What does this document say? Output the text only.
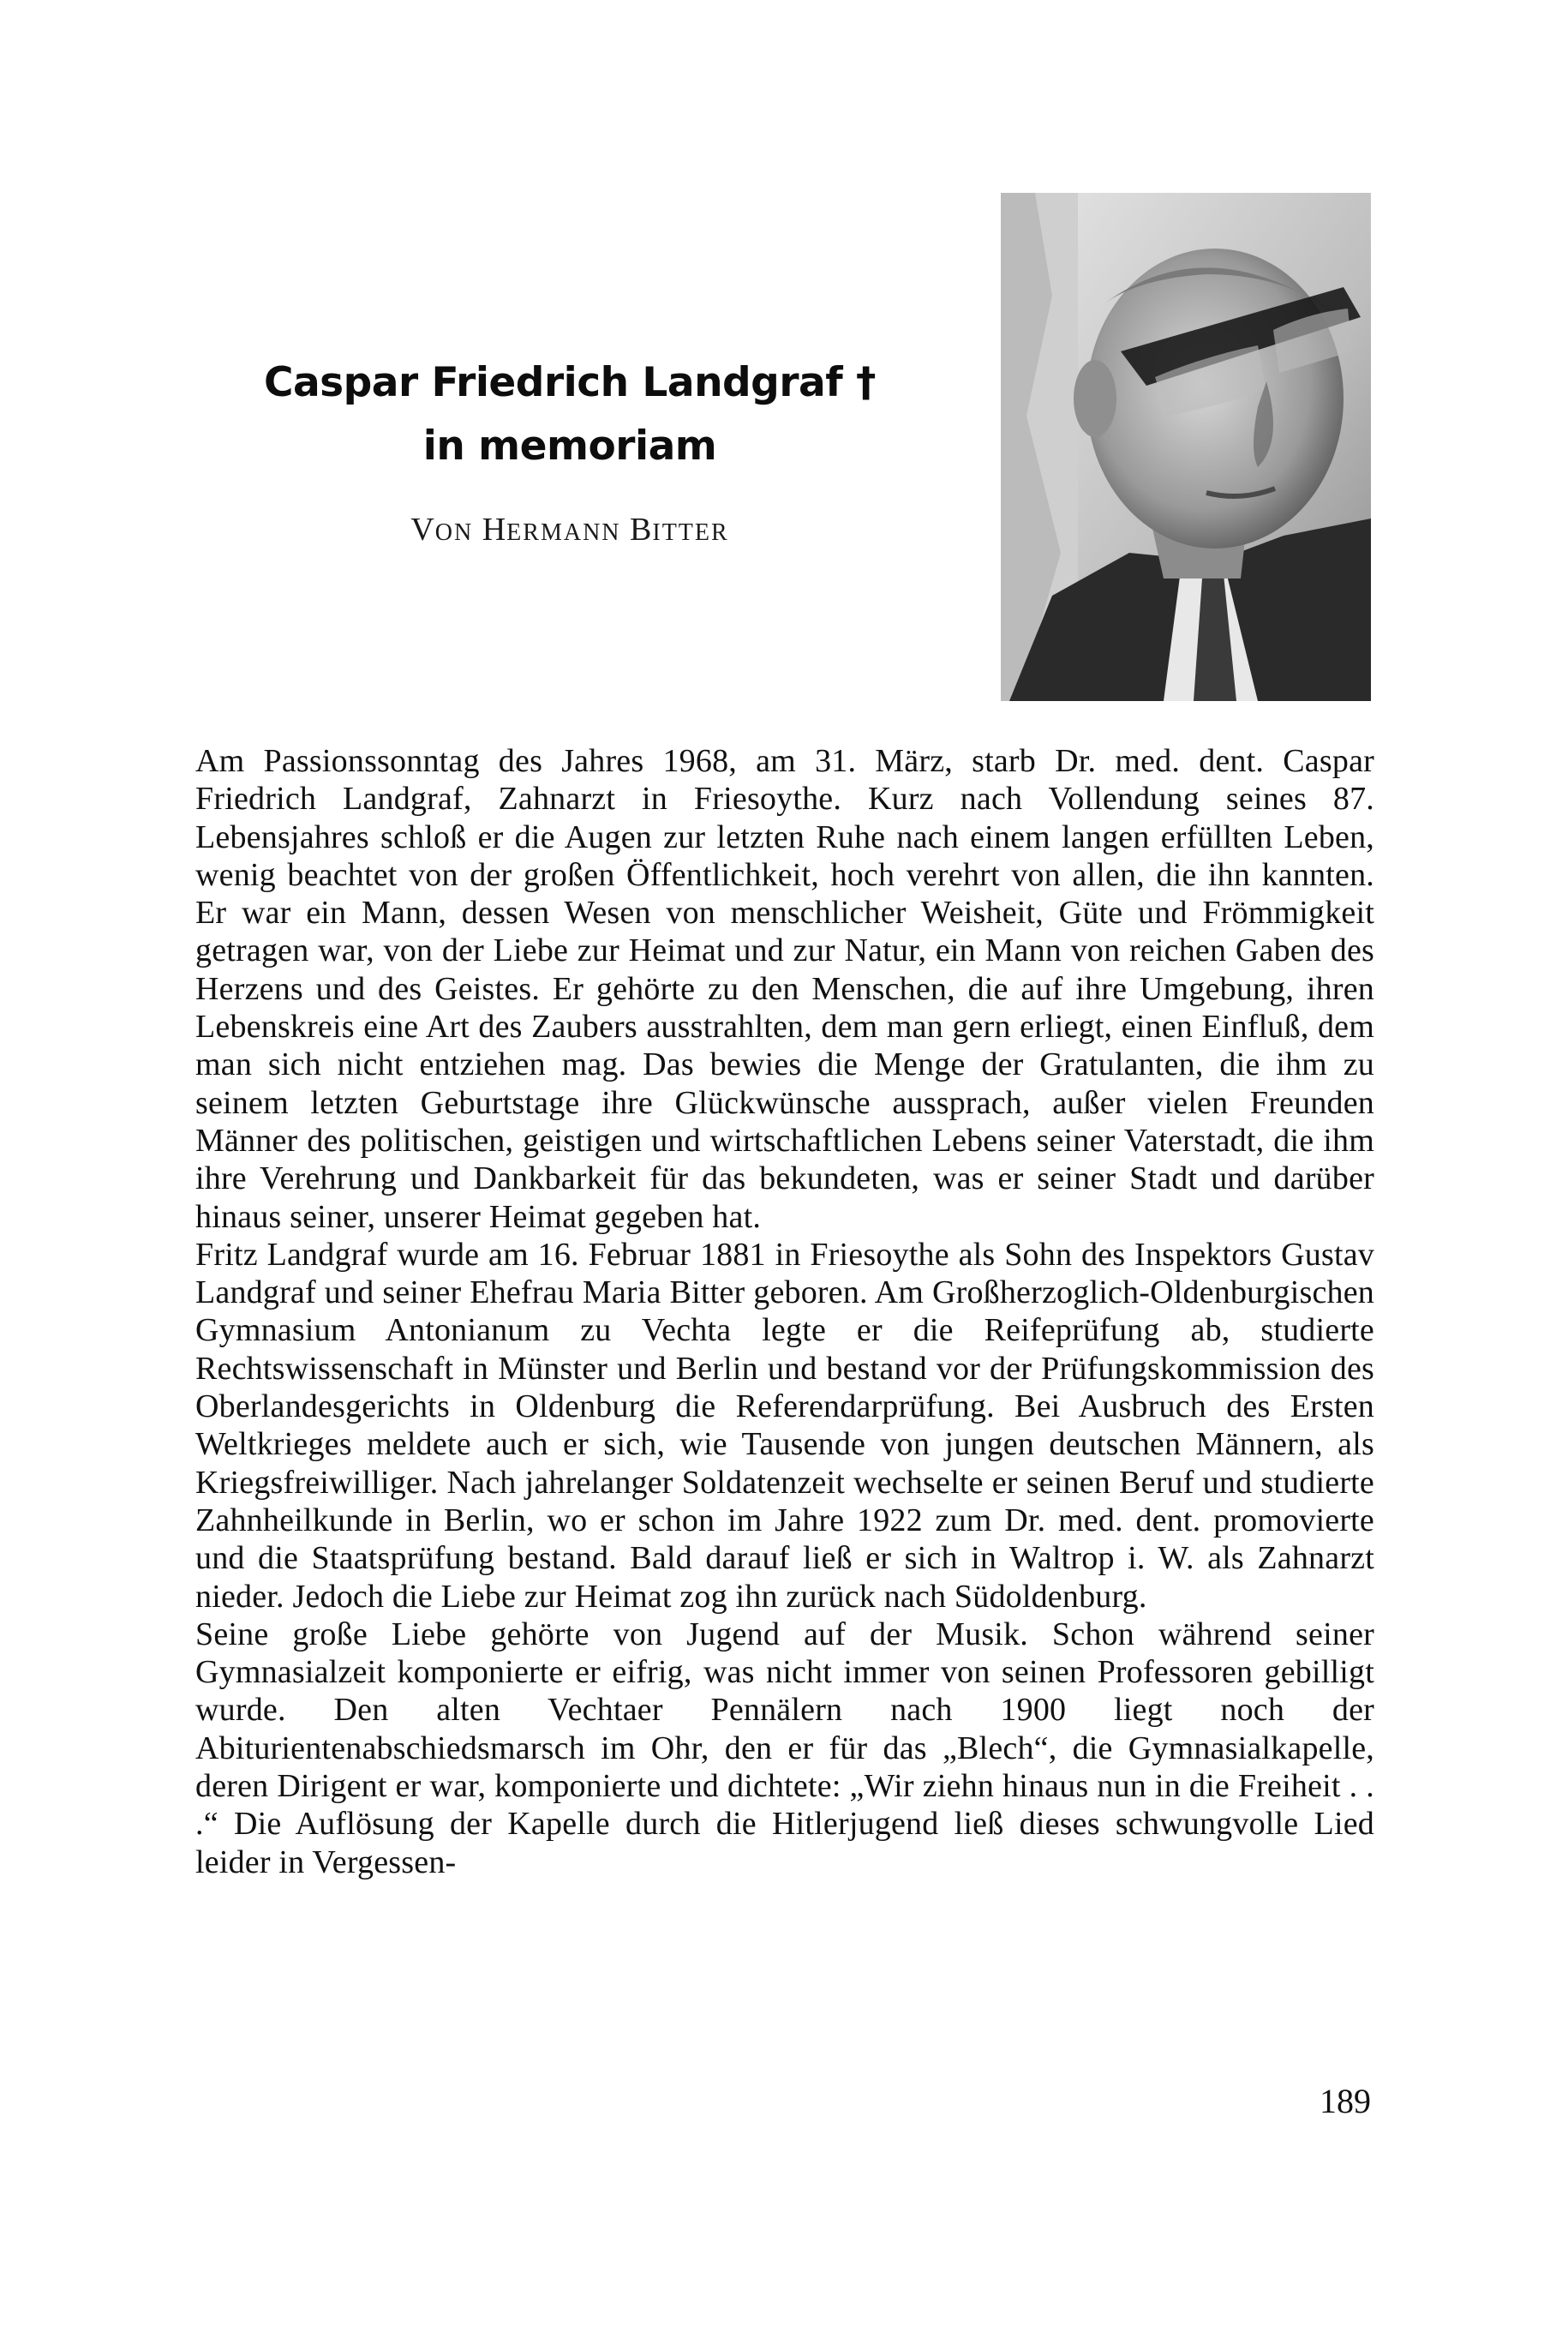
Caspar Friedrich Landgraf †
in memoriam
VON HERMANN BITTER

Am Passionssonntag des Jahres 1968, am 31. März, starb Dr. med. dent. Caspar Friedrich Landgraf, Zahnarzt in Friesoythe. Kurz nach Vollendung seines 87. Lebensjahres schloß er die Augen zur letzten Ruhe nach einem langen erfüllten Leben, wenig beachtet von der großen Öffentlichkeit, hoch verehrt von allen, die ihn kannten. Er war ein Mann, dessen Wesen von menschlicher Weisheit, Güte und Frömmigkeit getragen war, von der Liebe zur Heimat und zur Natur, ein Mann von reichen Gaben des Herzens und des Geistes. Er gehörte zu den Menschen, die auf ihre Umgebung, ihren Lebenskreis eine Art des Zaubers ausstrahlten, dem man gern erliegt, einen Einfluß, dem man sich nicht entziehen mag. Das bewies die Menge der Gratulanten, die ihm zu seinem letzten Geburtstage ihre Glückwünsche aussprach, außer vielen Freunden Männer des politischen, geistigen und wirtschaftlichen Lebens seiner Vaterstadt, die ihm ihre Verehrung und Dankbarkeit für das bekundeten, was er seiner Stadt und darüber hinaus seiner, unserer Heimat gegeben hat.

Fritz Landgraf wurde am 16. Februar 1881 in Friesoythe als Sohn des Inspektors Gustav Landgraf und seiner Ehefrau Maria Bitter geboren. Am Großherzoglich-Oldenburgischen Gymnasium Antonianum zu Vechta legte er die Reifeprüfung ab, studierte Rechtswissenschaft in Münster und Berlin und bestand vor der Prüfungskommission des Oberlandesgerichts in Oldenburg die Referendarprüfung. Bei Ausbruch des Ersten Weltkrieges meldete auch er sich, wie Tausende von jungen deutschen Männern, als Kriegsfreiwilliger. Nach jahrelanger Soldatenzeit wechselte er seinen Beruf und studierte Zahnheilkunde in Berlin, wo er schon im Jahre 1922 zum Dr. med. dent. promovierte und die Staatsprüfung bestand. Bald darauf ließ er sich in Waltrop i. W. als Zahnarzt nieder. Jedoch die Liebe zur Heimat zog ihn zurück nach Südoldenburg.

Seine große Liebe gehörte von Jugend auf der Musik. Schon während seiner Gymnasialzeit komponierte er eifrig, was nicht immer von seinen Professoren gebilligt wurde. Den alten Vechtaer Pennälern nach 1900 liegt noch der Abiturientenabschiedsmarsch im Ohr, den er für das „Blech“, die Gymnasialkapelle, deren Dirigent er war, komponierte und dichtete: „Wir ziehn hinaus nun in die Freiheit . . .“ Die Auflösung der Kapelle durch die Hitlerjugend ließ dieses schwungvolle Lied leider in Vergessen-

189
